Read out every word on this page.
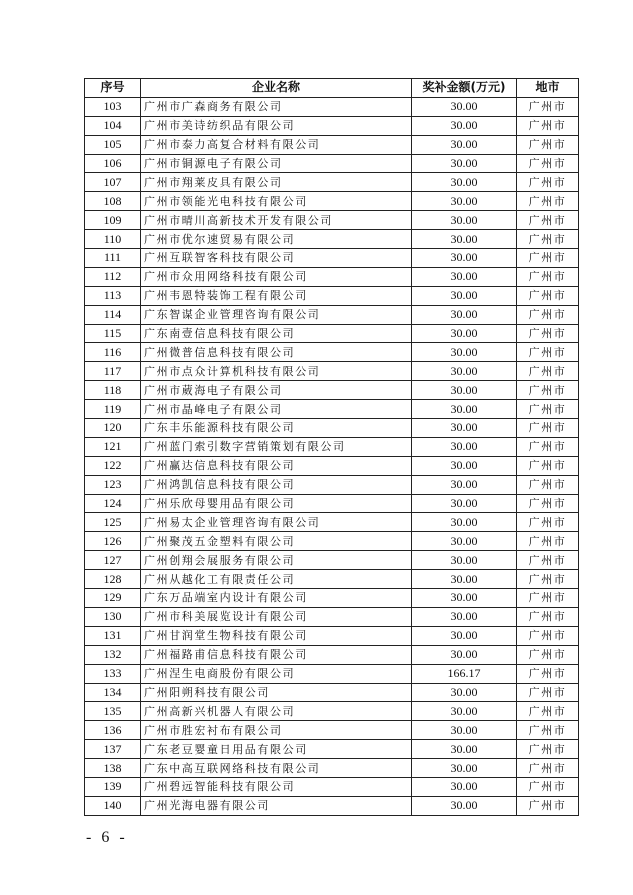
序号	企业名称	奖补金额(万元)	地市
103	广州市广森商务有限公司	30.00	广州市
104	广州市美诗纺织品有限公司	30.00	广州市
105	广州市泰力高复合材料有限公司	30.00	广州市
106	广州市铜源电子有限公司	30.00	广州市
107	广州市翔莱皮具有限公司	30.00	广州市
108	广州市领能光电科技有限公司	30.00	广州市
109	广州市晴川高新技术开发有限公司	30.00	广州市
110	广州市优尔速贸易有限公司	30.00	广州市
111	广州互联智客科技有限公司	30.00	广州市
112	广州市众用网络科技有限公司	30.00	广州市
113	广州韦恩特装饰工程有限公司	30.00	广州市
114	广东智谋企业管理咨询有限公司	30.00	广州市
115	广东南壹信息科技有限公司	30.00	广州市
116	广州微普信息科技有限公司	30.00	广州市
117	广州市点众计算机科技有限公司	30.00	广州市
118	广州市葳海电子有限公司	30.00	广州市
119	广州市晶峰电子有限公司	30.00	广州市
120	广东丰乐能源科技有限公司	30.00	广州市
121	广州蓝门索引数字营销策划有限公司	30.00	广州市
122	广州赢达信息科技有限公司	30.00	广州市
123	广州鸿凯信息科技有限公司	30.00	广州市
124	广州乐欣母婴用品有限公司	30.00	广州市
125	广州易太企业管理咨询有限公司	30.00	广州市
126	广州聚茂五金塑料有限公司	30.00	广州市
127	广州创翔会展服务有限公司	30.00	广州市
128	广州从越化工有限责任公司	30.00	广州市
129	广东万品端室内设计有限公司	30.00	广州市
130	广州市科美展览设计有限公司	30.00	广州市
131	广州甘润堂生物科技有限公司	30.00	广州市
132	广州福路甫信息科技有限公司	30.00	广州市
133	广州涅生电商股份有限公司	166.17	广州市
134	广州阳朔科技有限公司	30.00	广州市
135	广州高新兴机器人有限公司	30.00	广州市
136	广州市胜宏衬布有限公司	30.00	广州市
137	广东老豆婴童日用品有限公司	30.00	广州市
138	广东中高互联网络科技有限公司	30.00	广州市
139	广州碧远智能科技有限公司	30.00	广州市
140	广州光海电器有限公司	30.00	广州市
- 6 -
